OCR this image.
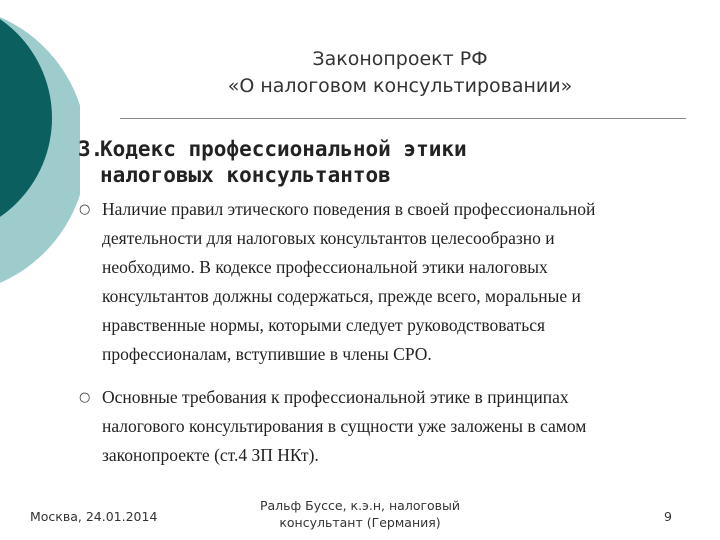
Законопроект РФ
«О налоговом консультировании»
3.
Кодекс профессиональной этики
налоговых консультантов
○ Наличие правил этического поведения в своей профессиональной
деятельности для налоговых консультантов целесообразно и
необходимо. В кодексе профессиональной этики налоговых
консультантов должны содержаться, прежде всего, моральные и
нравственные нормы, которыми следует руководствоваться
профессионалам, вступившие в члены СРО.
○ Основные требования к профессиональной этике в принципах
налогового консультирования в сущности уже заложены в самом
законопроекте (ст.4 ЗП НКт).
Москва, 24.01.2014
Ральф Буссе, к.э.н, налоговый
консультант (Германия)	9
